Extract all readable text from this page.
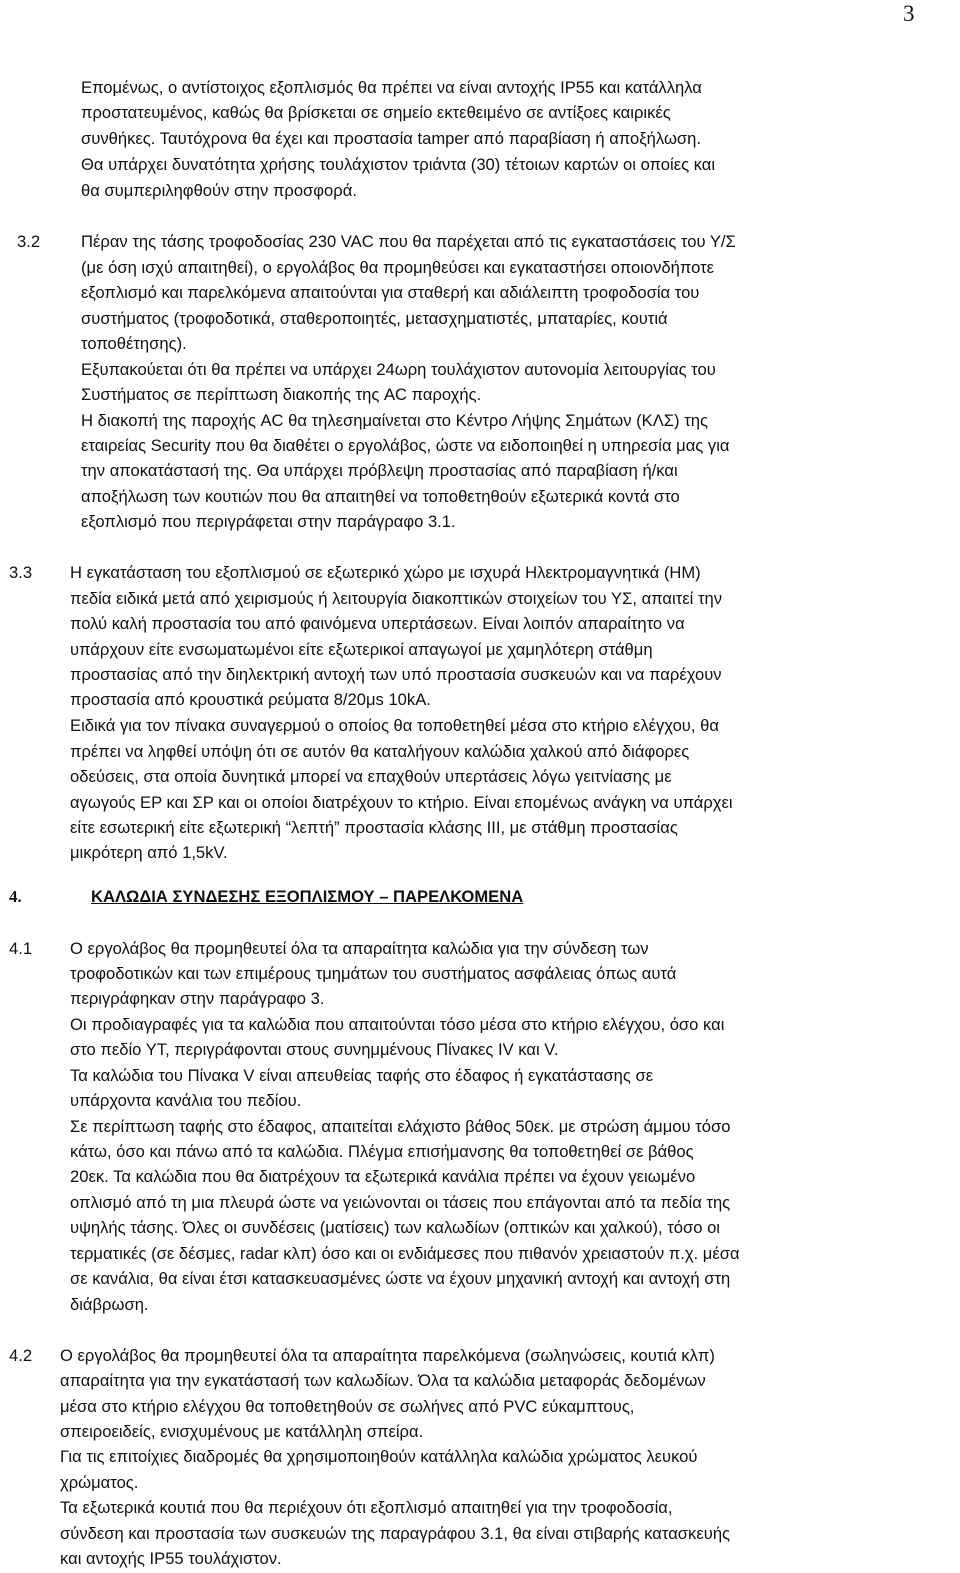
3
Επομένως, ο αντίστοιχος εξοπλισμός θα πρέπει να είναι αντοχής IP55 και κατάλληλα
προστατευμένος, καθώς θα βρίσκεται σε σημείο εκτεθειμένο σε αντίξοες καιρικές
συνθήκες. Ταυτόχρονα θα έχει και προστασία tamper από παραβίαση ή αποξήλωση.
Θα υπάρχει δυνατότητα χρήσης τουλάχιστον τριάντα (30) τέτοιων καρτών οι οποίες και
θα συμπεριληφθούν στην προσφορά.
3.2 Πέραν της τάσης τροφοδοσίας 230 VAC που θα παρέχεται από τις εγκαταστάσεις του Υ/Σ
(με όση ισχύ απαιτηθεί), ο εργολάβος θα προμηθεύσει και εγκαταστήσει οποιονδήποτε
εξοπλισμό και παρελκόμενα απαιτούνται για σταθερή και αδιάλειπτη τροφοδοσία του
συστήματος (τροφοδοτικά, σταθεροποιητές, μετασχηματιστές, μπαταρίες, κουτιά
τοποθέτησης).
Εξυπακούεται ότι θα πρέπει να υπάρχει 24ωρη τουλάχιστον αυτονομία λειτουργίας του
Συστήματος σε περίπτωση διακοπής της AC παροχής.
Η διακοπή της παροχής AC θα τηλεσημαίνεται στο Κέντρο Λήψης Σημάτων (ΚΛΣ) της
εταιρείας Security που θα διαθέτει ο εργολάβος, ώστε να ειδοποιηθεί η υπηρεσία μας για
την αποκατάστασή της. Θα υπάρχει πρόβλεψη προστασίας από παραβίαση ή/και
αποξήλωση των κουτιών που θα απαιτηθεί να τοποθετηθούν εξωτερικά κοντά στο
εξοπλισμό που περιγράφεται στην παράγραφο 3.1.
3.3 Η εγκατάσταση του εξοπλισμού σε εξωτερικό χώρο με ισχυρά Ηλεκτρομαγνητικά (ΗΜ)
πεδία ειδικά μετά από χειρισμούς ή λειτουργία διακοπτικών στοιχείων του ΥΣ, απαιτεί την
πολύ καλή προστασία του από φαινόμενα υπερτάσεων. Είναι λοιπόν απαραίτητο να
υπάρχουν είτε ενσωματωμένοι είτε εξωτερικοί απαγωγοί με χαμηλότερη στάθμη
προστασίας από την διηλεκτρική αντοχή των υπό προστασία συσκευών και να παρέχουν
προστασία από κρουστικά ρεύματα 8/20μs 10kA.
Ειδικά για τον πίνακα συναγερμού ο οποίος θα τοποθετηθεί μέσα στο κτήριο ελέγχου, θα
πρέπει να ληφθεί υπόψη ότι σε αυτόν θα καταλήγουν καλώδια χαλκού από διάφορες
οδεύσεις, στα οποία δυνητικά μπορεί να επαχθούν υπερτάσεις λόγω γειτνίασης με
αγωγούς ΕΡ και ΣΡ και οι οποίοι διατρέχουν το κτήριο. Είναι επομένως ανάγκη να υπάρχει
είτε εσωτερική είτε εξωτερική “λεπτή” προστασία κλάσης ΙΙΙ, με στάθμη προστασίας
μικρότερη από 1,5kV.
4.	ΚΑΛΩΔΙΑ ΣΥΝΔΕΣΗΣ ΕΞΟΠΛΙΣΜΟΥ – ΠΑΡΕΛΚΟΜΕΝΑ
4.1 Ο εργολάβος θα προμηθευτεί όλα τα απαραίτητα καλώδια για την σύνδεση των
τροφοδοτικών και των επιμέρους τμημάτων του συστήματος ασφάλειας όπως αυτά
περιγράφηκαν στην παράγραφο 3.
Οι προδιαγραφές για τα καλώδια που απαιτούνται τόσο μέσα στο κτήριο ελέγχου, όσο και
στο πεδίο ΥΤ, περιγράφονται στους συνημμένους Πίνακες IV και V.
Τα καλώδια του Πίνακα V είναι απευθείας ταφής στο έδαφος ή εγκατάστασης σε
υπάρχοντα κανάλια του πεδίου.
Σε περίπτωση ταφής στο έδαφος, απαιτείται ελάχιστο βάθος 50εκ. με στρώση άμμου τόσο
κάτω, όσο και πάνω από τα καλώδια. Πλέγμα επισήμανσης θα τοποθετηθεί σε βάθος
20εκ. Τα καλώδια που θα διατρέχουν τα εξωτερικά κανάλια πρέπει να έχουν γειωμένο
οπλισμό από τη μια πλευρά ώστε να γειώνονται οι τάσεις που επάγονται από τα πεδία της
υψηλής τάσης. Όλες οι συνδέσεις (ματίσεις) των καλωδίων (οπτικών και χαλκού), τόσο οι
τερματικές (σε δέσμες, radar κλπ) όσο και οι ενδιάμεσες που πιθανόν χρειαστούν π.χ. μέσα
σε κανάλια, θα είναι έτσι κατασκευασμένες ώστε να έχουν μηχανική αντοχή και αντοχή στη
διάβρωση.
4.2 Ο εργολάβος θα προμηθευτεί όλα τα απαραίτητα παρελκόμενα (σωληνώσεις, κουτιά κλπ)
απαραίτητα για την εγκατάστασή των καλωδίων. Όλα τα καλώδια μεταφοράς δεδομένων
μέσα στο κτήριο ελέγχου θα τοποθετηθούν σε σωλήνες από PVC εύκαμπτους,
σπειροειδείς, ενισχυμένους με κατάλληλη σπείρα.
Για τις επιτοίχιες διαδρομές θα χρησιμοποιηθούν κατάλληλα καλώδια χρώματος λευκού
χρώματος.
Τα εξωτερικά κουτιά που θα περιέχουν ότι εξοπλισμό απαιτηθεί για την τροφοδοσία,
σύνδεση και προστασία των συσκευών της παραγράφου 3.1, θα είναι στιβαρής κατασκευής
και αντοχής IP55 τουλάχιστον.
